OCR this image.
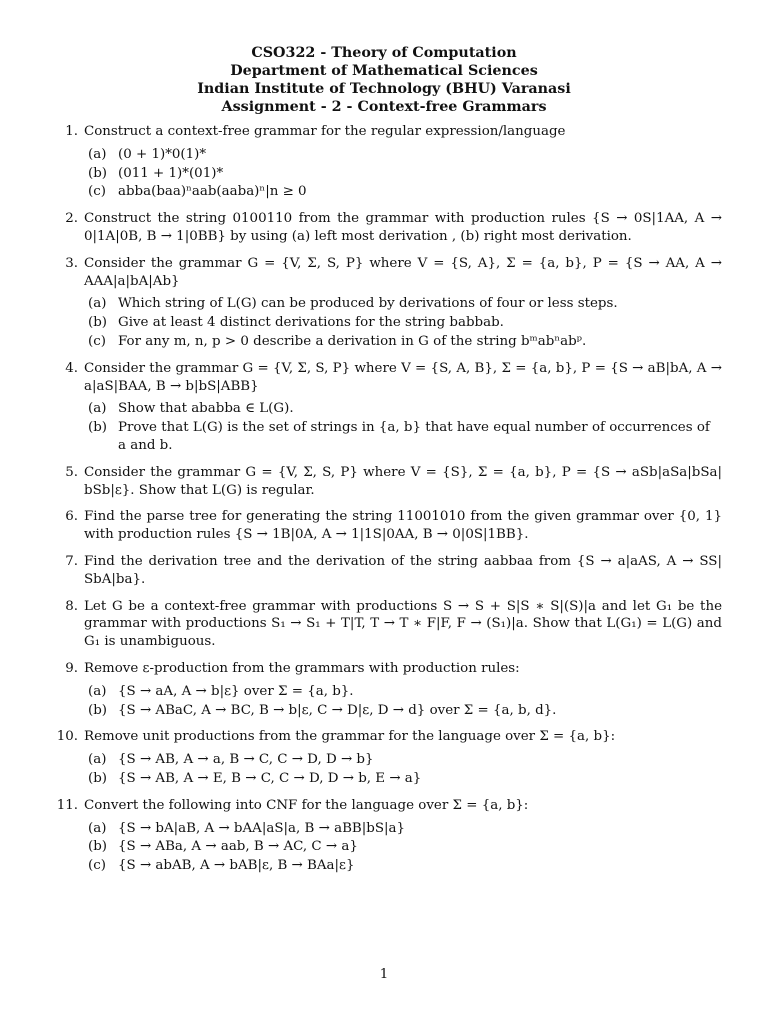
CSO322 - Theory of Computation
Department of Mathematical Sciences
Indian Institute of Technology (BHU) Varanasi
Assignment - 2 - Context-free Grammars
1. Construct a context-free grammar for the regular expression/language
(a) (0 + 1)*0(1)*
(b) (011 + 1)*(01)*
(c) abba(baa)ⁿaab(aaba)ⁿ|n ≥ 0
2. Construct the string 0100110 from the grammar with production rules {S → 0S|1AA, A → 0|1A|0B, B → 1|0BB} by using (a) left most derivation , (b) right most derivation.
3. Consider the grammar G = {V, Σ, S, P} where V = {S, A}, Σ = {a, b}, P = {S → AA, A → AAA|a|bA|Ab}
(a) Which string of L(G) can be produced by derivations of four or less steps.
(b) Give at least 4 distinct derivations for the string babbab.
(c) For any m, n, p > 0 describe a derivation in G of the string bᵐabⁿabᵖ.
4. Consider the grammar G = {V, Σ, S, P} where V = {S, A, B}, Σ = {a, b}, P = {S → aB|bA, A → a|aS|BAA, B → b|bS|ABB}
(a) Show that ababba ∈ L(G).
(b) Prove that L(G) is the set of strings in {a, b} that have equal number of occurrences of a and b.
5. Consider the grammar G = {V, Σ, S, P} where V = {S}, Σ = {a, b}, P = {S → aSb|aSa|bSa| bSb|ε}. Show that L(G) is regular.
6. Find the parse tree for generating the string 11001010 from the given grammar over {0, 1} with production rules {S → 1B|0A, A → 1|1S|0AA, B → 0|0S|1BB}.
7. Find the derivation tree and the derivation of the string aabbaa from {S → a|aAS, A → SS| SbA|ba}.
8. Let G be a context-free grammar with productions S → S + S|S ∗ S|(S)|a and let G₁ be the grammar with productions S₁ → S₁ + T|T, T → T ∗ F|F, F → (S₁)|a. Show that L(G₁) = L(G) and G₁ is unambiguous.
9. Remove ε-production from the grammars with production rules:
(a) {S → aA, A → b|ε} over Σ = {a, b}.
(b) {S → ABaC, A → BC, B → b|ε, C → D|ε, D → d} over Σ = {a, b, d}.
10. Remove unit productions from the grammar for the language over Σ = {a, b}:
(a) {S → AB, A → a, B → C, C → D, D → b}
(b) {S → AB, A → E, B → C, C → D, D → b, E → a}
11. Convert the following into CNF for the language over Σ = {a, b}:
(a) {S → bA|aB, A → bAA|aS|a, B → aBB|bS|a}
(b) {S → ABa, A → aab, B → AC, C → a}
(c) {S → abAB, A → bAB|ε, B → BAa|ε}
1
